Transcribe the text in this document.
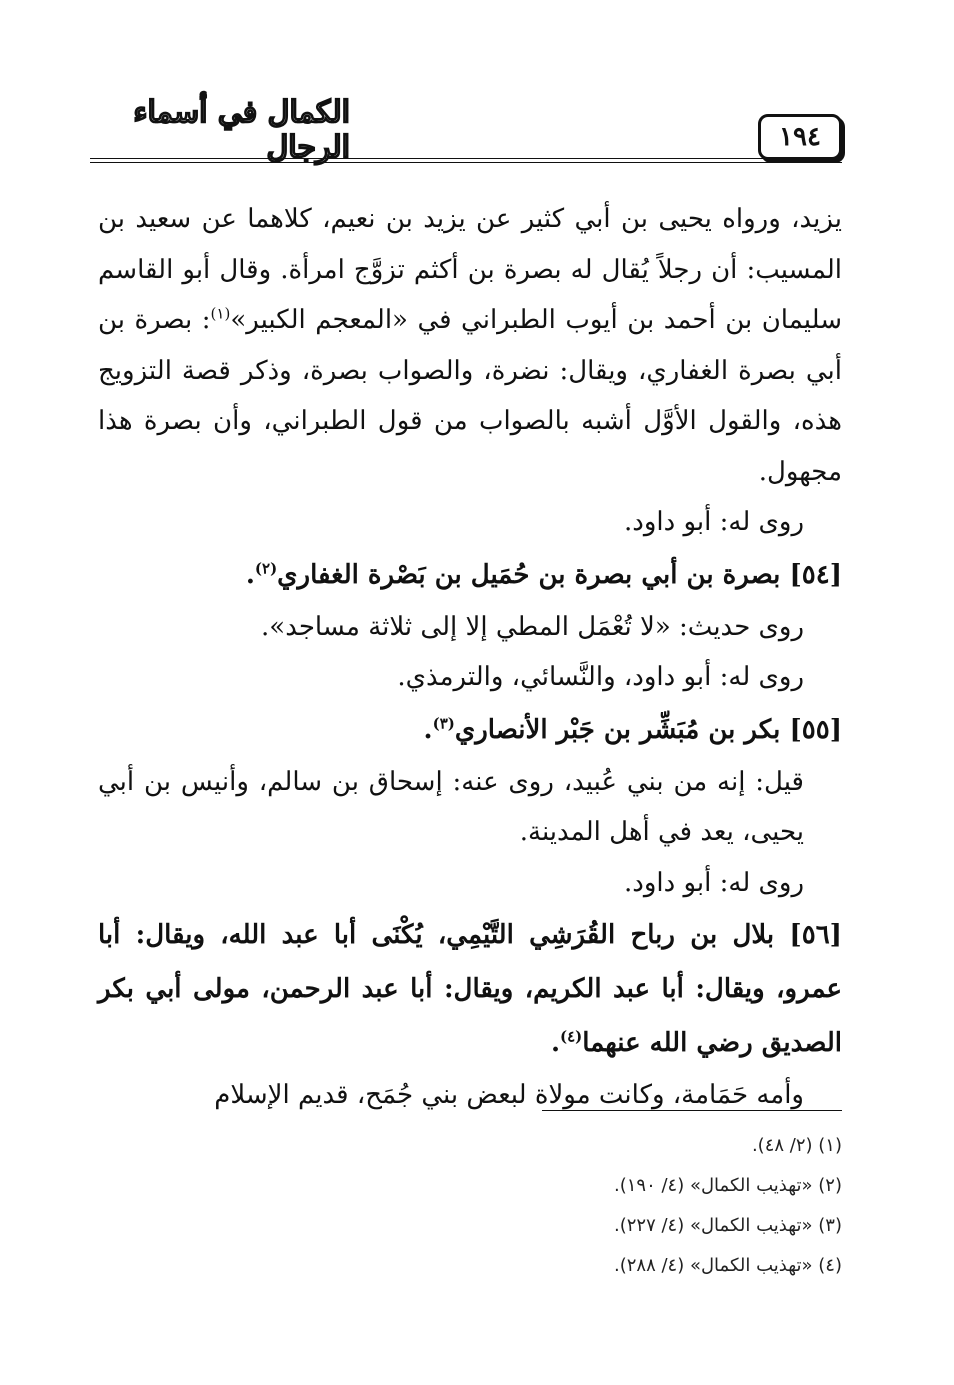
١٩٤
الكمال في أسماء الرجال

يزيد، ورواه يحيى بن أبي كثير عن يزيد بن نعيم، كلاهما عن سعيد بن المسيب: أن رجلاً يُقال له بصرة بن أكثم تزوَّج امرأة. وقال أبو القاسم سليمان بن أحمد بن أيوب الطبراني في «المعجم الكبير»$^{(١)}$: بصرة بن أبي بصرة الغفاري، ويقال: نضرة، والصواب بصرة، وذكر قصة التزويج هذه، والقول الأوَّل أشبه بالصواب من قول الطبراني، وأن بصرة هذا مجهول.

روى له: أبو داود.

[٥٤] بصرة بن أبي بصرة بن حُمَيل بن بَصْرة الغفاري$^{(٢)}$.

روى حديث: «لا تُعْمَل المطي إلا إلى ثلاثة مساجد».

روى له: أبو داود، والنَّسائي، والترمذي.

[٥٥] بكر بن مُبَشِّر بن جَبْر الأنصاري$^{(٣)}$.

قيل: إنه من بني عُبيد، روى عنه: إسحاق بن سالم، وأنيس بن أبي يحيى، يعد في أهل المدينة.

روى له: أبو داود.

[٥٦] بلال بن رباح القُرَشِي التَّيْمِي، يُكْنَى أبا عبد الله، ويقال: أبا عمرو، ويقال: أبا عبد الكريم، ويقال: أبا عبد الرحمن، مولى أبي بكر الصديق رضي الله عنهما$^{(٤)}$.

وأمه حَمَامة، وكانت مولاة لبعض بني جُمَح، قديم الإسلام

(١) (٢/ ٤٨).
(٢) «تهذيب الكمال» (٤/ ١٩٠).
(٣) «تهذيب الكمال» (٤/ ٢٢٧).
(٤) «تهذيب الكمال» (٤/ ٢٨٨).
